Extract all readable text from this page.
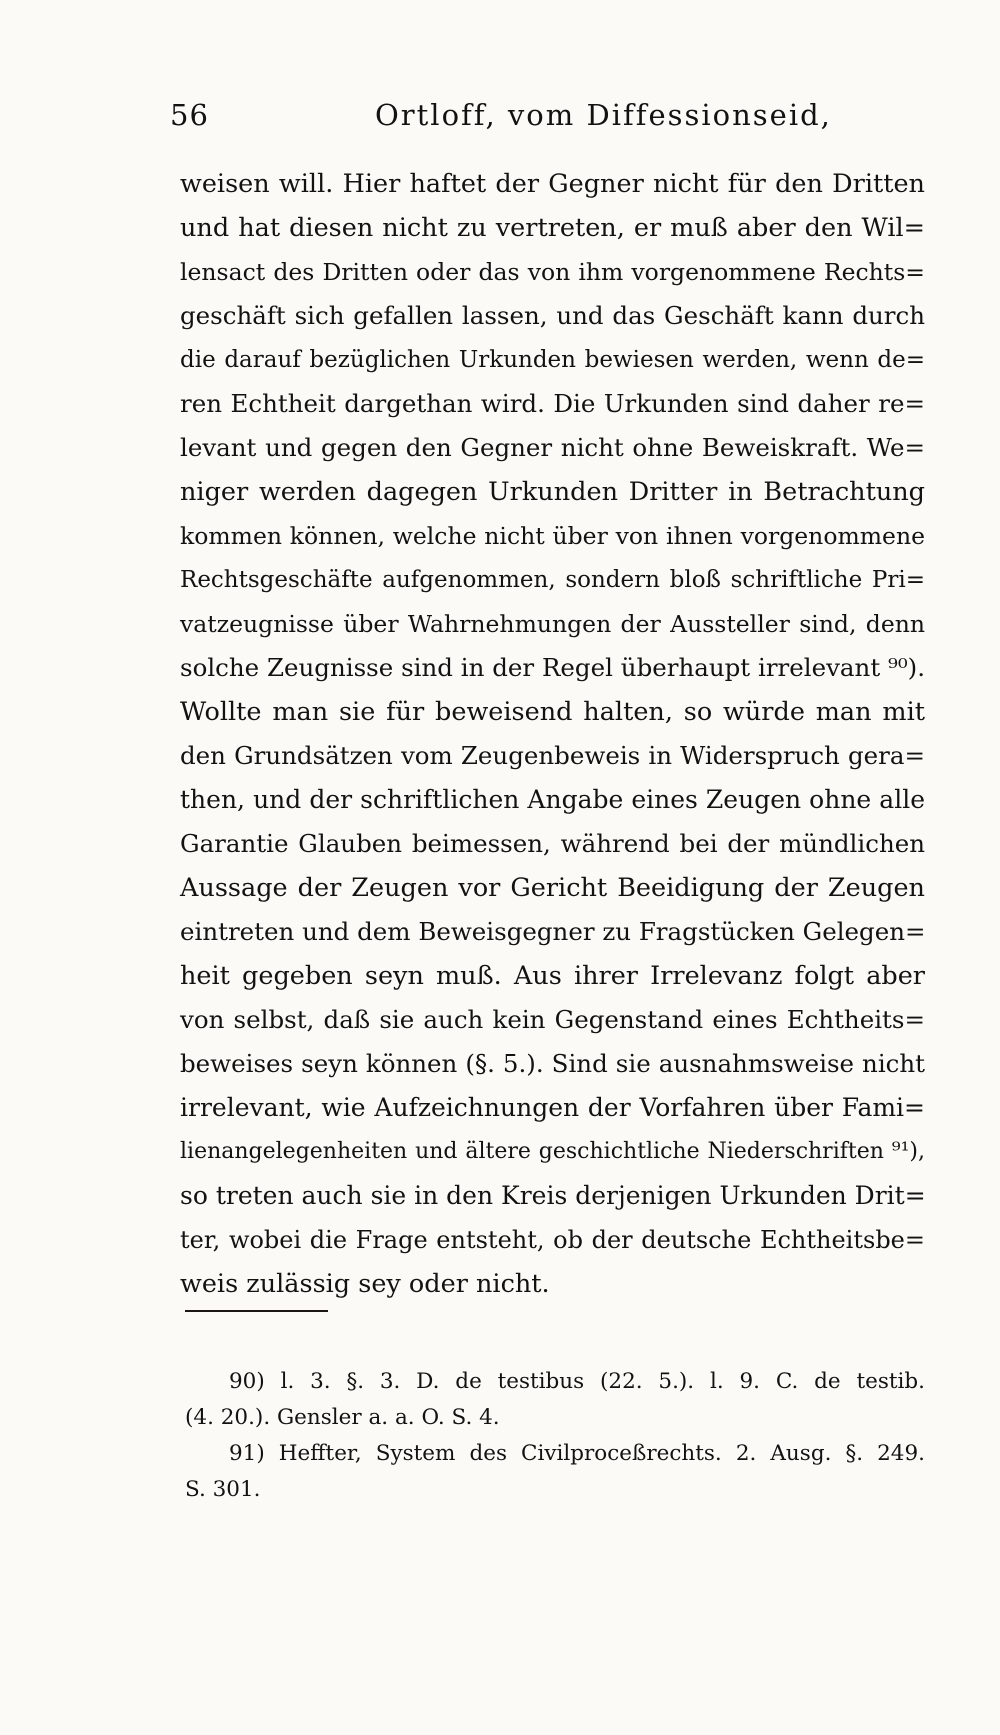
56	Ortloff, vom Diffessionseid,
weisen will. Hier haftet der Gegner nicht für den Dritten
und hat diesen nicht zu vertreten, er muß aber den Wil=
lensact des Dritten oder das von ihm vorgenommene Rechts=
geschäft sich gefallen lassen, und das Geschäft kann durch
die darauf bezüglichen Urkunden bewiesen werden, wenn de=
ren Echtheit dargethan wird. Die Urkunden sind daher re=
levant und gegen den Gegner nicht ohne Beweiskraft. We=
niger werden dagegen Urkunden Dritter in Betrachtung
kommen können, welche nicht über von ihnen vorgenommene
Rechtsgeschäfte aufgenommen, sondern bloß schriftliche Pri=
vatzeugnisse über Wahrnehmungen der Aussteller sind, denn
solche Zeugnisse sind in der Regel überhaupt irrelevant ⁹⁰).
Wollte man sie für beweisend halten, so würde man mit
den Grundsätzen vom Zeugenbeweis in Widerspruch gera=
then, und der schriftlichen Angabe eines Zeugen ohne alle
Garantie Glauben beimessen, während bei der mündlichen
Aussage der Zeugen vor Gericht Beeidigung der Zeugen
eintreten und dem Beweisgegner zu Fragstücken Gelegen=
heit gegeben seyn muß. Aus ihrer Irrelevanz folgt aber
von selbst, daß sie auch kein Gegenstand eines Echtheits=
beweises seyn können (§. 5.). Sind sie ausnahmsweise nicht
irrelevant, wie Aufzeichnungen der Vorfahren über Fami=
lienangelegenheiten und ältere geschichtliche Niederschriften ⁹¹),
so treten auch sie in den Kreis derjenigen Urkunden Drit=
ter, wobei die Frage entsteht, ob der deutsche Echtheitsbe=
weis zulässig sey oder nicht.
90) l. 3. §. 3. D. de testibus (22. 5.). l. 9. C. de testib.
(4. 20.). Gensler a. a. O. S. 4.
91) Heffter, System des Civilproceßrechts. 2. Ausg. §. 249.
S. 301.
